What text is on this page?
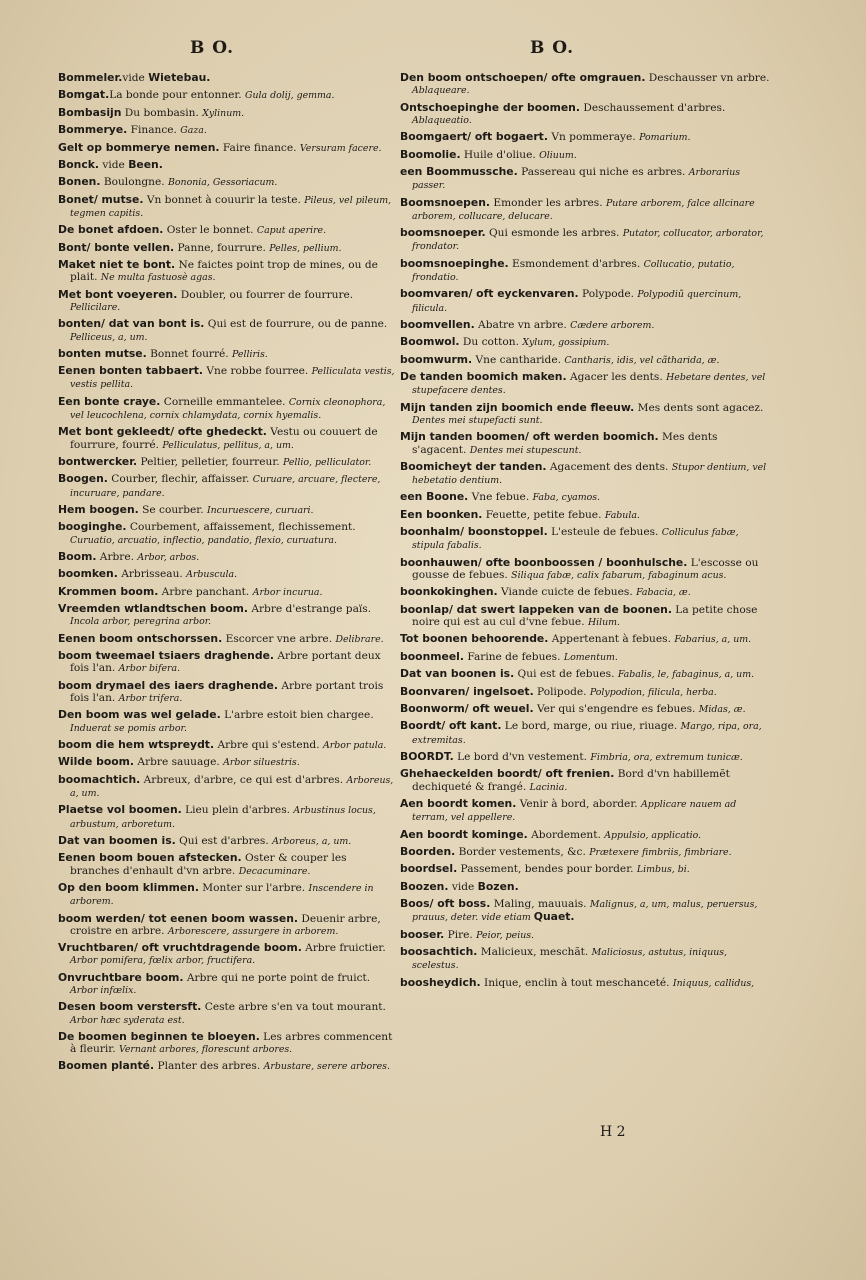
B O.	B O.

Bommeler.vide Wietebau.

Bomgat.La bonde pour entonner. Gula dolij, gemma.

Bombasijn Du bombasin. Xylinum.

Bommerye. Finance. Gaza.

Gelt op bommerye nemen. Faire finance. Versuram facere.

Bonck. vide Been.

Bonen. Boulongne. Bononia, Gessoriacum.

Bonet/ mutse. Vn bonnet à couurir la teste. Pileus, vel pileum, tegmen capitis.

De bonet afdoen. Oster le bonnet. Caput aperire.

Bont/ bonte vellen. Panne, fourrure. Pelles, pellium.

Maket niet te bont. Ne faictes point trop de mines, ou de plait. Ne multa fastuosè agas.

Met bont voeyeren. Doubler, ou fourrer de fourrure. Pellicilare.

bonten/ dat van bont is. Qui est de fourrure, ou de panne. Pelliceus, a, um.

bonten mutse. Bonnet fourré. Pelliris.

Eenen bonten tabbaert. Vne robbe fourree. Pelliculata vestis, vestis pellita.

Een bonte craye. Corneille emmantelee. Cornix cleonophora, vel leucochlena, cornix chlamydata, cornix hyemalis.

Met bont gekleedt/ ofte ghedeckt. Vestu ou couuert de fourrure, fourré. Pelliculatus, pellitus, a, um.

bontwercker. Peltier, pelletier, fourreur. Pellio, pelliculator.

Boogen. Courber, flechir, affaisser. Curuare, arcuare, flectere, incuruare, pandare.

Hem boogen. Se courber. Incuruescere, curuari.

booginghe. Courbement, affaissement, flechissement. Curuatio, arcuatio, inflectio, pandatio, flexio, curuatura.

Boom. Arbre. Arbor, arbos.

boomken. Arbrisseau. Arbuscula.

Krommen boom. Arbre panchant. Arbor incurua.

Vreemden wtlandtschen boom. Arbre d'estrange païs. Incola arbor, peregrina arbor.

Eenen boom ontschorssen. Escorcer vne arbre. Delibrare.

boom tweemael tsiaers draghende. Arbre portant deux fois l'an. Arbor bifera.

boom drymael des iaers draghende. Arbre portant trois fois l'an. Arbor trifera.

Den boom was wel gelade. L'arbre estoit bien chargee. Induerat se pomis arbor.

boom die hem wtspreydt. Arbre qui s'estend. Arbor patula.

Wilde boom. Arbre sauuage. Arbor siluestris.

boomachtich. Arbreux, d'arbre, ce qui est d'arbres. Arboreus, a, um.

Plaetse vol boomen. Lieu plein d'arbres. Arbustinus locus, arbustum, arboretum.

Dat van boomen is. Qui est d'arbres. Arboreus, a, um.

Eenen boom bouen afstecken. Oster & couper les branches d'enhault d'vn arbre. Decacuminare.

Op den boom klimmen. Monter sur l'arbre. Inscendere in arborem.

boom werden/ tot eenen boom wassen. Deuenir arbre, croistre en arbre. Arborescere, assurgere in arborem.

Vruchtbaren/ oft vruchtdragende boom. Arbre fruictier. Arbor pomifera, fœlix arbor, fructifera.

Onvruchtbare boom. Arbre qui ne porte point de fruict. Arbor infœlix.

Desen boom verstersft. Ceste arbre s'en va tout mourant. Arbor hæc syderata est.

De boomen beginnen te bloeyen. Les arbres commencent à fleurir. Vernant arbores, florescunt arbores.

Boomen planté. Planter des arbres. Arbustare, serere arbores.

Den boom ontschoepen/ ofte omgrauen. Deschausser vn arbre. Ablaqueare.

Ontschoepinghe der boomen. Deschaussement d'arbres. Ablaqueatio.

Boomgaert/ oft bogaert. Vn pommeraye. Pomarium.

Boomolie. Huile d'oliue. Oliuum.

een Boommussche. Passereau qui niche es arbres. Arborarius passer.

Boomsnoepen. Emonder les arbres. Putare arborem, falce allcinare arborem, collucare, delucare.

boomsnoeper. Qui esmonde les arbres. Putator, collucator, arborator, frondator.

boomsnoepinghe. Esmondement d'arbres. Collucatio, putatio, frondatio.

boomvaren/ oft eyckenvaren. Polypode. Polypodiũ quercinum, filicula.

boomvellen. Abatre vn arbre. Cædere arborem.

Boomwol. Du cotton. Xylum, gossipium.

boomwurm. Vne cantharide. Cantharis, idis, vel cãtharida, æ.

De tanden boomich maken. Agacer les dents. Hebetare dentes, vel stupefacere dentes.

Mijn tanden zijn boomich ende fleeuw. Mes dents sont agacez. Dentes mei stupefacti sunt.

Mijn tanden boomen/ oft werden boomich. Mes dents s'agacent. Dentes mei stupescunt.

Boomicheyt der tanden. Agacement des dents. Stupor dentium, vel hebetatio dentium.

een Boone. Vne febue. Faba, cyamos.

Een boonken. Feuette, petite febue. Fabula.

boonhalm/ boonstoppel. L'esteule de febues. Colliculus fabæ, stipula fabalis.

boonhauwen/ ofte boonboossen / boonhulsche. L'escosse ou gousse de febues. Siliqua fabæ, calix fabarum, fabaginum acus.

boonkokinghen. Viande cuicte de febues. Fabacia, æ.

boonlap/ dat swert lappeken van de boonen. La petite chose noire qui est au cul d'vne febue. Hilum.

Tot boonen behoorende. Appertenant à febues. Fabarius, a, um.

boonmeel. Farine de febues. Lomentum.

Dat van boonen is. Qui est de febues. Fabalis, le, fabaginus, a, um.

Boonvaren/ ingelsoet. Polipode. Polypodion, filicula, herba.

Boonworm/ oft weuel. Ver qui s'engendre es febues. Midas, æ.

Boordt/ oft kant. Le bord, marge, ou riue, riuage. Margo, ripa, ora, extremitas.

BOORDT. Le bord d'vn vestement. Fimbria, ora, extremum tunicæ.

Ghehaeckelden boordt/ oft frenien. Bord d'vn habillemẽt dechiqueté & frangé. Lacinia.

Aen boordt komen. Venir à bord, aborder. Applicare nauem ad terram, vel appellere.

Aen boordt kominge. Abordement. Appulsio, applicatio.

Boorden. Border vestements, &c. Prætexere fimbriis, fimbriare.

boordsel. Passement, bendes pour border. Limbus, bi.

Boozen. vide Bozen.

Boos/ oft boss. Maling, mauuais. Malignus, a, um, malus, peruersus, prauus, deter. vide etiam Quaet.

booser. Pire. Peior, peius.

boosachtich. Malicieux, meschãt. Maliciosus, astutus, iniquus, scelestus.

boosheydich. Inique, enclin à tout meschanceté. Iniquus, callidus,

H 2
